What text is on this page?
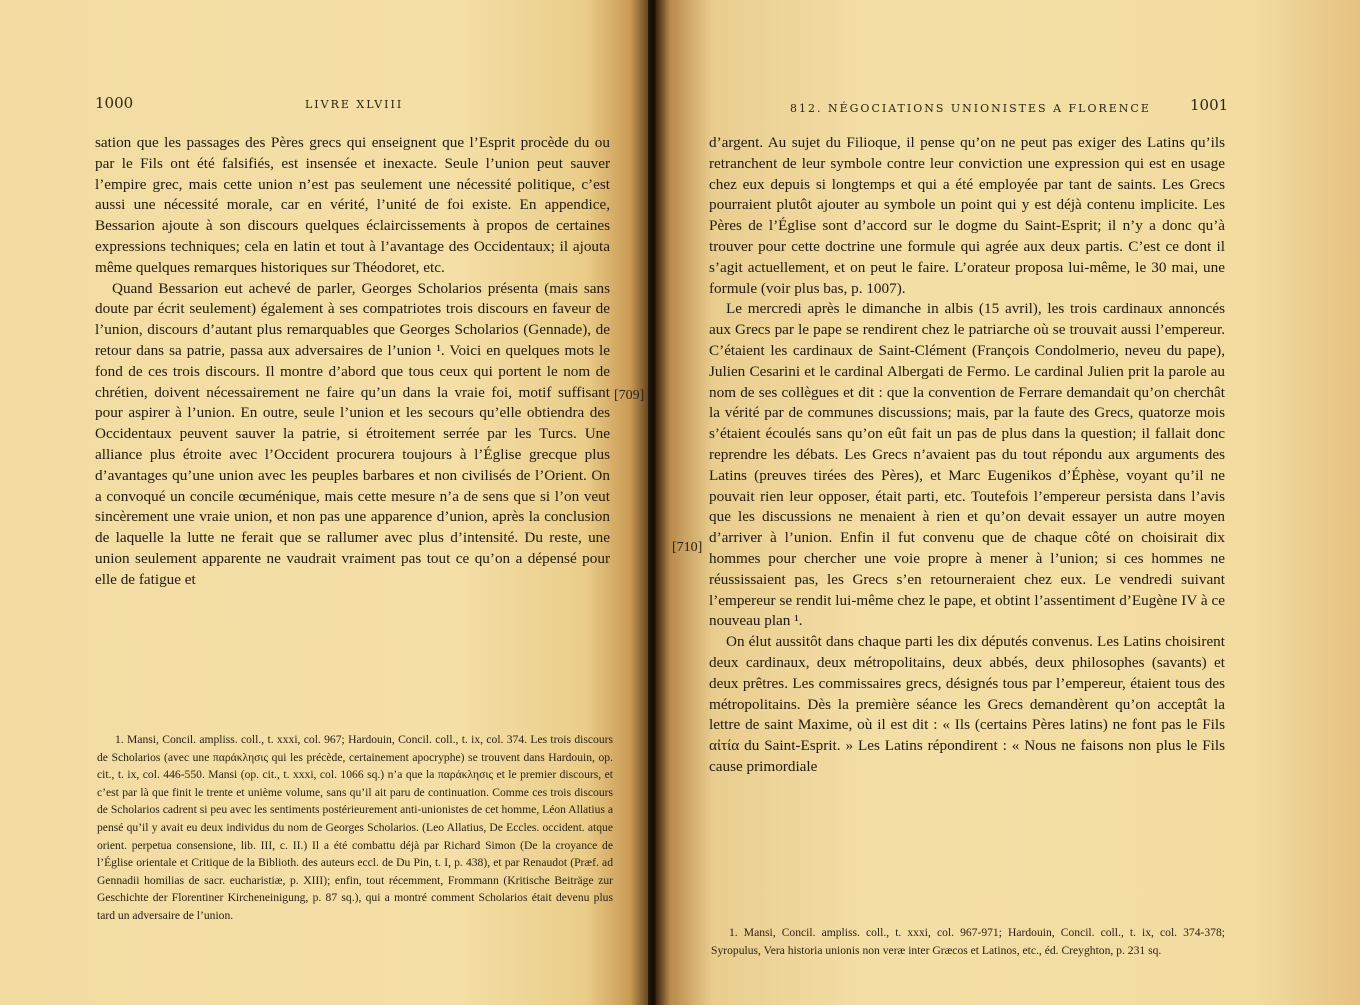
1000	LIVRE XLVIII

sation que les passages des Pères grecs qui enseignent que l’Esprit procède du ou par le Fils ont été falsifiés, est insensée et inexacte. Seule l’union peut sauver l’empire grec, mais cette union n’est pas seulement une nécessité politique, c’est aussi une nécessité morale, car en vérité, l’unité de foi existe. En appendice, Bessarion ajoute à son discours quelques éclaircissements à propos de certaines expressions techniques; cela en latin et tout à l’avantage des Occidentaux; il ajouta même quelques remarques historiques sur Théodoret, etc.

Quand Bessarion eut achevé de parler, Georges Scholarios présenta (mais sans doute par écrit seulement) également à ses compatriotes trois discours en faveur de l’union, discours d’autant plus remarquables que Georges Scholarios (Gennade), de retour dans sa patrie, passa aux adversaires de l’union ¹. Voici en quelques mots le fond de ces trois discours. Il montre d’abord que tous ceux qui portent le nom de chrétien, doivent nécessairement ne faire qu’un dans la vraie foi, motif suffisant pour aspirer à l’union. En outre, seule l’union et les secours qu’elle obtiendra des Occidentaux peuvent sauver la patrie, si étroitement serrée par les Turcs. Une alliance plus étroite avec l’Occident procurera toujours à l’Église grecque plus d’avantages qu’une union avec les peuples barbares et non civilisés de l’Orient. On a convoqué un concile œcuménique, mais cette mesure n’a de sens que si l’on veut sincèrement une vraie union, et non pas une apparence d’union, après la conclusion de laquelle la lutte ne ferait que se rallumer avec plus d’intensité. Du reste, une union seulement apparente ne vaudrait vraiment pas tout ce qu’on a dépensé pour elle de fatigue et

[709]

1. Mansi, Concil. ampliss. coll., t. xxxi, col. 967; Hardouin, Concil. coll., t. ix, col. 374. Les trois discours de Scholarios (avec une παράκλησις qui les précède, certainement apocryphe) se trouvent dans Hardouin, op. cit., t. ix, col. 446-550. Mansi (op. cit., t. xxxi, col. 1066 sq.) n’a que la παράκλησις et le premier discours, et c’est par là que finit le trente et unième volume, sans qu’il ait paru de continuation. Comme ces trois discours de Scholarios cadrent si peu avec les sentiments postérieurement anti-unionistes de cet homme, Léon Allatius a pensé qu’il y avait eu deux individus du nom de Georges Scholarios. (Leo Allatius, De Eccles. occident. atque orient. perpetua consensione, lib. III, c. II.) Il a été combattu déjà par Richard Simon (De la croyance de l’Église orientale et Critique de la Biblioth. des auteurs eccl. de Du Pin, t. I, p. 438), et par Renaudot (Præf. ad Gennadii homilias de sacr. eucharistiæ, p. XIII); enfin, tout récemment, Frommann (Kritische Beiträge zur Geschichte der Florentiner Kircheneinigung, p. 87 sq.), qui a montré comment Scholarios était devenu plus tard un adversaire de l’union.

812. NÉGOCIATIONS UNIONISTES A FLORENCE	1001

d’argent. Au sujet du Filioque, il pense qu’on ne peut pas exiger des Latins qu’ils retranchent de leur symbole contre leur conviction une expression qui est en usage chez eux depuis si longtemps et qui a été employée par tant de saints. Les Grecs pourraient plutôt ajouter au symbole un point qui y est déjà contenu implicite. Les Pères de l’Église sont d’accord sur le dogme du Saint-Esprit; il n’y a donc qu’à trouver pour cette doctrine une formule qui agrée aux deux partis. C’est ce dont il s’agit actuellement, et on peut le faire. L’orateur proposa lui-même, le 30 mai, une formule (voir plus bas, p. 1007).

Le mercredi après le dimanche in albis (15 avril), les trois cardinaux annoncés aux Grecs par le pape se rendirent chez le patriarche où se trouvait aussi l’empereur. C’étaient les cardinaux de Saint-Clément (François Condolmerio, neveu du pape), Julien Cesarini et le cardinal Albergati de Fermo. Le cardinal Julien prit la parole au nom de ses collègues et dit : que la convention de Ferrare demandait qu’on cherchât la vérité par de communes discussions; mais, par la faute des Grecs, quatorze mois s’étaient écoulés sans qu’on eût fait un pas de plus dans la question; il fallait donc reprendre les débats. Les Grecs n’avaient pas du tout répondu aux arguments des Latins (preuves tirées des Pères), et Marc Eugenikos d’Éphèse, voyant qu’il ne pouvait rien leur opposer, était parti, etc. Toutefois l’empereur persista dans l’avis que les discussions ne menaient à rien et qu’on devait essayer un autre moyen d’arriver à l’union. Enfin il fut convenu que de chaque côté on choisirait dix hommes pour chercher une voie propre à mener à l’union; si ces hommes ne réussissaient pas, les Grecs s’en retourneraient chez eux. Le vendredi suivant l’empereur se rendit lui-même chez le pape, et obtint l’assentiment d’Eugène IV à ce nouveau plan ¹.

On élut aussitôt dans chaque parti les dix députés convenus. Les Latins choisirent deux cardinaux, deux métropolitains, deux abbés, deux philosophes (savants) et deux prêtres. Les commissaires grecs, désignés tous par l’empereur, étaient tous des métropolitains. Dès la première séance les Grecs demandèrent qu’on acceptât la lettre de saint Maxime, où il est dit : « Ils (certains Pères latins) ne font pas le Fils αἰτία du Saint-Esprit. » Les Latins répondirent : « Nous ne faisons non plus le Fils cause primordiale

[710]

1. Mansi, Concil. ampliss. coll., t. xxxi, col. 967-971; Hardouin, Concil. coll., t. ix, col. 374-378; Syropulus, Vera historia unionis non veræ inter Græcos et Latinos, etc., éd. Creyghton, p. 231 sq.
